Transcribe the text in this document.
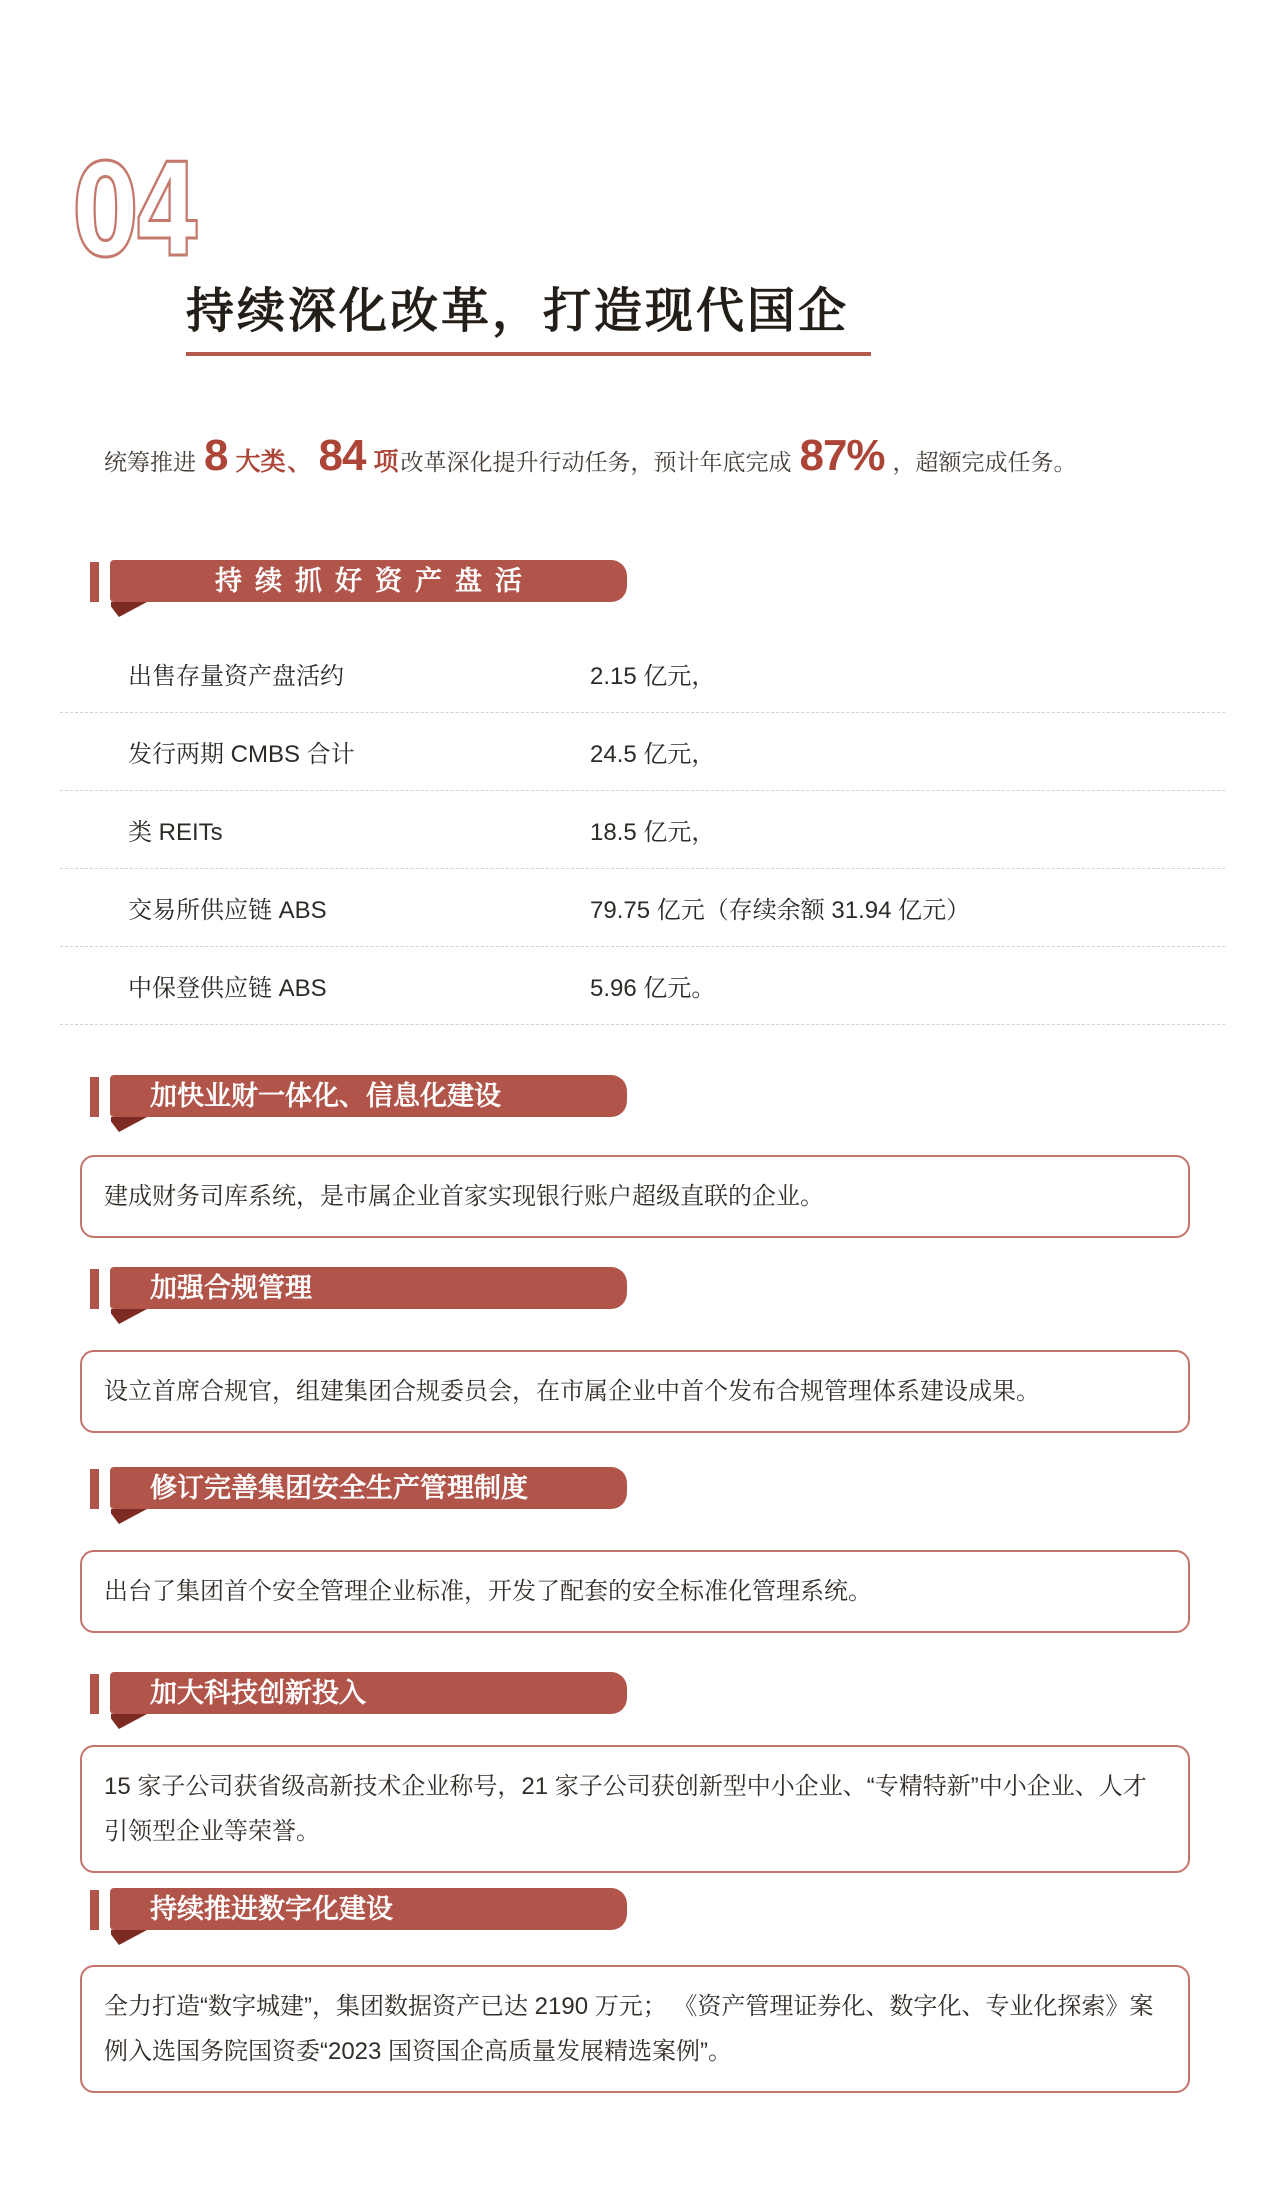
04
持续深化改革，打造现代国企
统筹推进 8 大类、 84 项改革深化提升行动任务，预计年底完成 87% ，超额完成任务。
持续抓好资产盘活
出售存量资产盘活约	2.15 亿元，
发行两期 CMBS 合计	24.5 亿元，
类 REITs	18.5 亿元，
交易所供应链 ABS	79.75 亿元（存续余额 31.94 亿元）
中保登供应链 ABS	5.96 亿元。
加快业财一体化、信息化建设
建成财务司库系统，是市属企业首家实现银行账户超级直联的企业。
加强合规管理
设立首席合规官，组建集团合规委员会，在市属企业中首个发布合规管理体系建设成果。
修订完善集团安全生产管理制度
出台了集团首个安全管理企业标准，开发了配套的安全标准化管理系统。
加大科技创新投入
15 家子公司获省级高新技术企业称号，21 家子公司获创新型中小企业、“专精特新”中小企业、人才引领型企业等荣誉。
持续推进数字化建设
全力打造“数字城建”，集团数据资产已达 2190 万元； 《资产管理证券化、数字化、专业化探索》案例入选国务院国资委“2023 国资国企高质量发展精选案例”。
